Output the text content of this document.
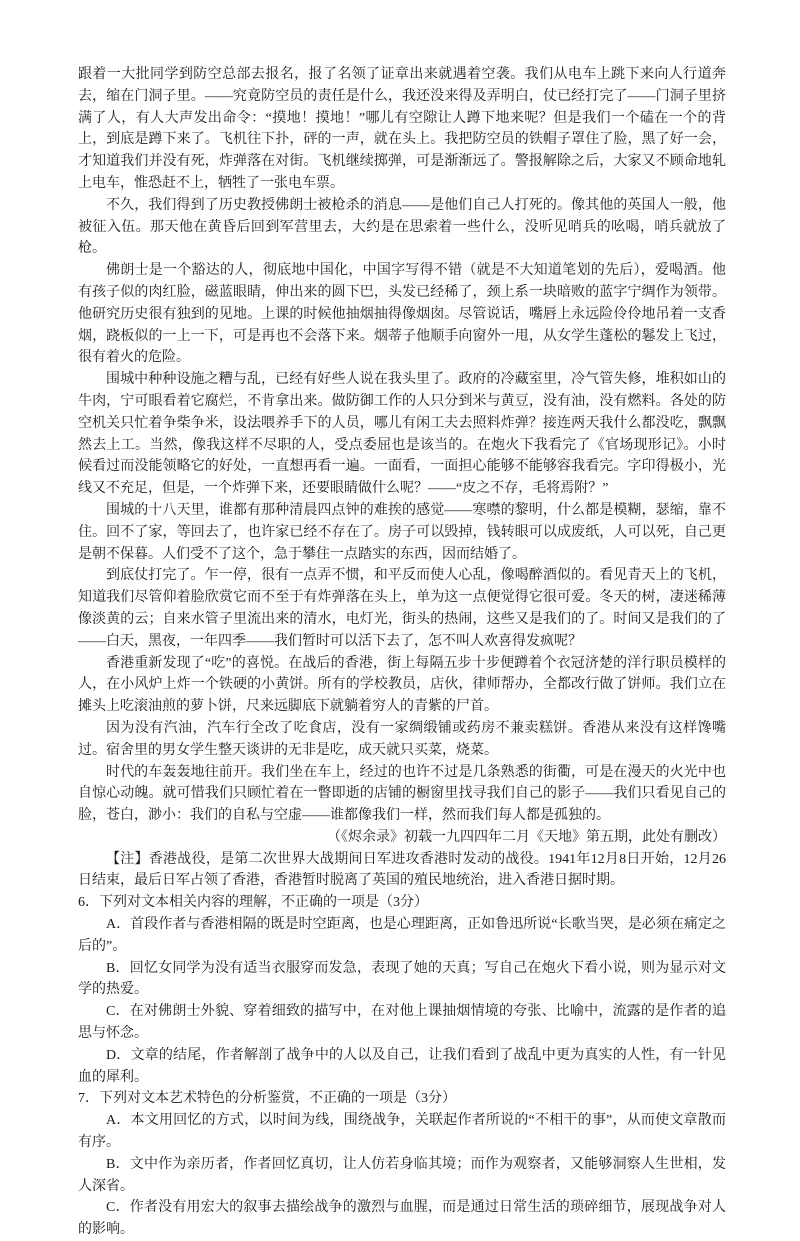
跟着一大批同学到防空总部去报名，报了名领了证章出来就遇着空袭。我们从电车上跳下来向人行道奔去，缩在门洞子里。——究竟防空员的责任是什么，我还没来得及弄明白，仗已经打完了——门洞子里挤满了人，有人大声发出命令：“摸地！摸地！”哪儿有空隙让人蹲下地来呢？但是我们一个磕在一个的背上，到底是蹲下来了。飞机往下扑，砰的一声，就在头上。我把防空员的铁帽子罩住了脸，黑了好一会，才知道我们并没有死，炸弹落在对街。飞机继续掷弹，可是渐渐远了。警报解除之后，大家又不顾命地轧上电车，惟恐赶不上，牺牲了一张电车票。

不久，我们得到了历史教授佛朗士被枪杀的消息——是他们自己人打死的。像其他的英国人一般，他被征入伍。那天他在黄昏后回到军营里去，大约是在思索着一些什么，没听见哨兵的吆喝，哨兵就放了枪。

佛朗士是一个豁达的人，彻底地中国化，中国字写得不错（就是不大知道笔划的先后），爱喝酒。他有孩子似的肉红脸，磁蓝眼睛，伸出来的圆下巴，头发已经稀了，颈上系一块暗败的蓝字宁绸作为领带。他研究历史很有独到的见地。上课的时候他抽烟抽得像烟囱。尽管说话，嘴唇上永远险伶伶地吊着一支香烟，跷板似的一上一下，可是再也不会落下来。烟蒂子他顺手向窗外一甩，从女学生蓬松的鬈发上飞过，很有着火的危险。

围城中种种设施之糟与乱，已经有好些人说在我头里了。政府的冷藏室里，冷气管失修，堆积如山的牛肉，宁可眼看着它腐烂，不肯拿出来。做防御工作的人只分到米与黄豆，没有油，没有燃料。各处的防空机关只忙着争柴争米，设法喂养手下的人员，哪儿有闲工夫去照料炸弹？接连两天我什么都没吃，飘飘然去上工。当然，像我这样不尽职的人，受点委屈也是该当的。在炮火下我看完了《官场现形记》。小时候看过而没能领略它的好处，一直想再看一遍。一面看，一面担心能够不能够容我看完。字印得极小，光线又不充足，但是，一个炸弹下来，还要眼睛做什么呢？——“皮之不存，毛将焉附？”

围城的十八天里，谁都有那种清晨四点钟的难挨的感觉——寒噤的黎明，什么都是模糊，瑟缩，靠不住。回不了家，等回去了，也许家已经不存在了。房子可以毁掉，钱转眼可以成废纸，人可以死，自己更是朝不保暮。人们受不了这个，急于攀住一点踏实的东西，因而结婚了。

到底仗打完了。乍一停，很有一点弄不惯，和平反而使人心乱，像喝醉酒似的。看见青天上的飞机，知道我们尽管仰着脸欣赏它而不至于有炸弹落在头上，单为这一点便觉得它很可爱。冬天的树，凄迷稀薄像淡黄的云；自来水管子里流出来的清水，电灯光，街头的热闹，这些又是我们的了。时间又是我们的了——白天，黑夜，一年四季——我们暂时可以活下去了，怎不叫人欢喜得发疯呢？

香港重新发现了“吃”的喜悦。在战后的香港，街上每隔五步十步便蹲着个衣冠济楚的洋行职员模样的人，在小风炉上炸一个铁硬的小黄饼。所有的学校教员，店伙，律师帮办，全都改行做了饼师。我们立在摊头上吃滚油煎的萝卜饼，尺来远脚底下就躺着穷人的青紫的尸首。

因为没有汽油，汽车行全改了吃食店，没有一家绸缎铺或药房不兼卖糕饼。香港从来没有这样馋嘴过。宿舍里的男女学生整天谈讲的无非是吃，成天就只买菜，烧菜。

时代的车轰轰地往前开。我们坐在车上，经过的也许不过是几条熟悉的街衢，可是在漫天的火光中也自惊心动魄。就可惜我们只顾忙着在一瞥即逝的店铺的橱窗里找寻我们自己的影子——我们只看见自己的脸，苍白，渺小：我们的自私与空虚——谁都像我们一样，然而我们每人都是孤独的。

（《烬余录》初载一九四四年二月《天地》第五期，此处有删改）

【注】香港战役，是第二次世界大战期间日军进攻香港时发动的战役。1941年12月8日开始，12月26日结束，最后日军占领了香港，香港暂时脱离了英国的殖民地统治，进入香港日据时期。

6．下列对文本相关内容的理解，不正确的一项是（3分）

A．首段作者与香港相隔的既是时空距离，也是心理距离，正如鲁迅所说“长歌当哭，是必须在痛定之后的”。

B．回忆女同学为没有适当衣服穿而发急，表现了她的天真；写自己在炮火下看小说，则为显示对文学的热爱。

C．在对佛朗士外貌、穿着细致的描写中，在对他上课抽烟情境的夸张、比喻中，流露的是作者的追思与怀念。

D．文章的结尾，作者解剖了战争中的人以及自己，让我们看到了战乱中更为真实的人性，有一针见血的犀利。

7．下列对文本艺术特色的分析鉴赏，不正确的一项是（3分）

A．本文用回忆的方式，以时间为线，围绕战争，关联起作者所说的“不相干的事”，从而使文章散而有序。

B．文中作为亲历者，作者回忆真切，让人仿若身临其境；而作为观察者，又能够洞察人生世相，发人深省。

C．作者没有用宏大的叙事去描绘战争的激烈与血腥，而是通过日常生活的琐碎细节，展现战争对人的影响。
